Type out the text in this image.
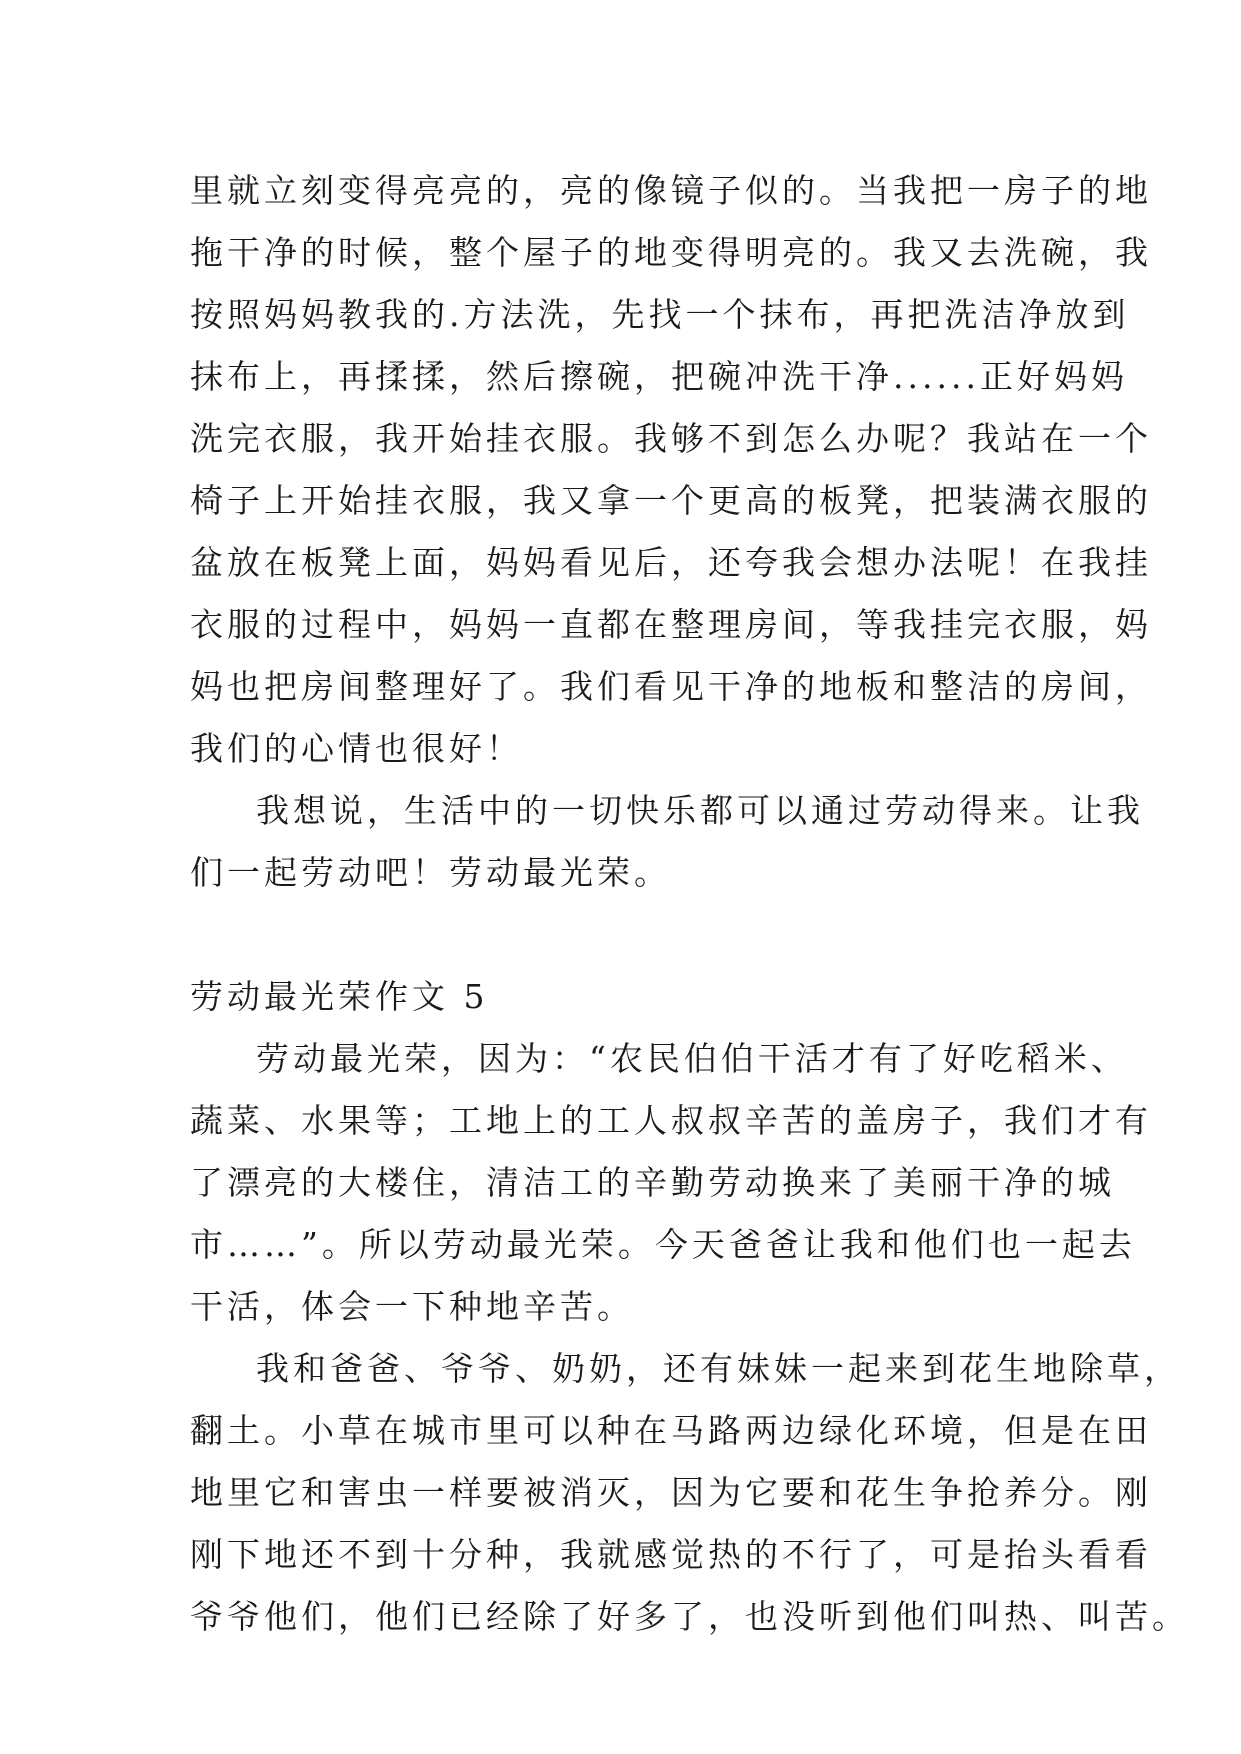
里就立刻变得亮亮的，亮的像镜子似的。当我把一房子的地
拖干净的时候，整个屋子的地变得明亮的。我又去洗碗，我
按照妈妈教我的.方法洗，先找一个抹布，再把洗洁净放到
抹布上，再揉揉，然后擦碗，把碗冲洗干净......正好妈妈
洗完衣服，我开始挂衣服。我够不到怎么办呢？我站在一个
椅子上开始挂衣服，我又拿一个更高的板凳，把装满衣服的
盆放在板凳上面，妈妈看见后，还夸我会想办法呢！在我挂
衣服的过程中，妈妈一直都在整理房间，等我挂完衣服，妈
妈也把房间整理好了。我们看见干净的地板和整洁的房间，
我们的心情也很好！
我想说，生活中的一切快乐都可以通过劳动得来。让我
们一起劳动吧！劳动最光荣。
劳动最光荣作文 5
劳动最光荣，因为：“农民伯伯干活才有了好吃稻米、
蔬菜、水果等；工地上的工人叔叔辛苦的盖房子，我们才有
了漂亮的大楼住，清洁工的辛勤劳动换来了美丽干净的城
市……”。所以劳动最光荣。今天爸爸让我和他们也一起去
干活，体会一下种地辛苦。
我和爸爸、爷爷、奶奶，还有妹妹一起来到花生地除草，
翻土。小草在城市里可以种在马路两边绿化环境，但是在田
地里它和害虫一样要被消灭，因为它要和花生争抢养分。刚
刚下地还不到十分种，我就感觉热的不行了，可是抬头看看
爷爷他们，他们已经除了好多了，也没听到他们叫热、叫苦。
